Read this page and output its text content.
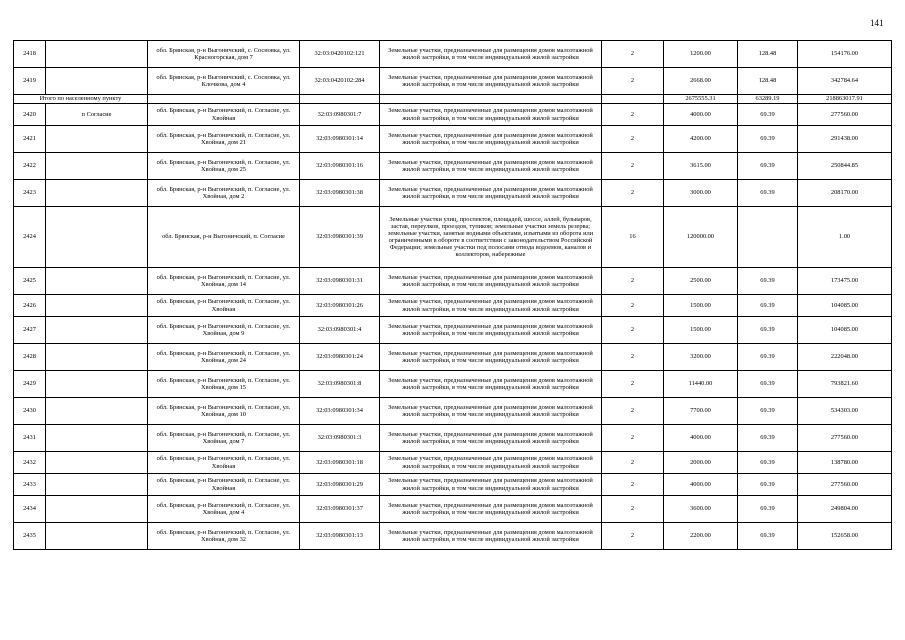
141
2418		обл. Брянская, р-н Выгоничский, с. Сосновка, ул. Красногорская, дом 7	32:03:0420102:121	Земельные участки, предназначенные для размещения домов малоэтажной жилой застройки, в том числе индивидуальной жилой застройки	2	1200.00	128.48	154176.00
2419		обл. Брянская, р-н Выгоничский, с. Сосновка, ул. Клочкова, дом 4	32:03:0420102:284	Земельные участки, предназначенные для размещения домов малоэтажной жилой застройки, в том числе индивидуальной жилой застройки	2	2668.00	128.48	342784.64
Итого по населенному пункту						2675555.31	63289.19	218863017.91
2420	п Согласие	обл. Брянская, р-н Выгоничский, п. Согласие, ул. Хвойная	32:03:0980301:7	Земельные участки, предназначенные для размещения домов малоэтажной жилой застройки, в том числе индивидуальной жилой застройки	2	4000.00	69.39	277560.00
2421		обл. Брянская, р-н Выгоничский, п. Согласие, ул. Хвойная, дом 21	32:03:0980301:14	Земельные участки, предназначенные для размещения домов малоэтажной жилой застройки, в том числе индивидуальной жилой застройки	2	4200.00	69.39	291438.00
2422		обл. Брянская, р-н Выгоничский, п. Согласие, ул. Хвойная, дом 25	32:03:0980301:16	Земельные участки, предназначенные для размещения домов малоэтажной жилой застройки, в том числе индивидуальной жилой застройки	2	3615.00	69.39	250844.85
2423		обл. Брянская, р-н Выгоничский, п. Согласие, ул. Хвойная, дом 2	32:03:0980301:38	Земельные участки, предназначенные для размещения домов малоэтажной жилой застройки, в том числе индивидуальной жилой застройки	2	3000.00	69.39	208170.00
2424		обл. Брянская, р-н Выгоничский, п. Согласие	32:03:0980301:39	Земельные участки улиц, проспектов, площадей, шоссе, аллей, бульваров, застав, переулков, проездов, тупиков; земельные участки земель резерва; земельные участки, занятые водными объектами, изъятыми из оборота или ограниченными в обороте в соответствии с законодательством Российской Федерации; земельные участки под полосами отвода водоемов, каналов и коллекторов, набережные	16	120000.00		1.00
2425		обл. Брянская, р-н Выгоничский, п. Согласие, ул. Хвойная, дом 14	32:03:0980301:31	Земельные участки, предназначенные для размещения домов малоэтажной жилой застройки, в том числе индивидуальной жилой застройки	2	2500.00	69.39	173475.00
2426		обл. Брянская, р-н Выгоничский, п. Согласие, ул. Хвойная	32:03:0980301:26	Земельные участки, предназначенные для размещения домов малоэтажной жилой застройки, в том числе индивидуальной жилой застройки	2	1500.00	69.39	104085.00
2427		обл. Брянская, р-н Выгоничский, п. Согласие, ул. Хвойная, дом 9	32:03:0980301:4	Земельные участки, предназначенные для размещения домов малоэтажной жилой застройки, в том числе индивидуальной жилой застройки	2	1500.00	69.39	104085.00
2428		обл. Брянская, р-н Выгоничский, п. Согласие, ул. Хвойная, дом 24	32:03:0980301:24	Земельные участки, предназначенные для размещения домов малоэтажной жилой застройки, в том числе индивидуальной жилой застройки	2	3200.00	69.39	222048.00
2429		обл. Брянская, р-н Выгоничский, п. Согласие, ул. Хвойная, дом 15	32:03:0980301:8	Земельные участки, предназначенные для размещения домов малоэтажной жилой застройки, в том числе индивидуальной жилой застройки	2	11440.00	69.39	793821.60
2430		обл. Брянская, р-н Выгоничский, п. Согласие, ул. Хвойная, дом 10	32:03:0980301:34	Земельные участки, предназначенные для размещения домов малоэтажной жилой застройки, в том числе индивидуальной жилой застройки	2	7700.00	69.39	534303.00
2431		обл. Брянская, р-н Выгоничский, п. Согласие, ул. Хвойная, дом 7	32:03:0980301:3	Земельные участки, предназначенные для размещения домов малоэтажной жилой застройки, в том числе индивидуальной жилой застройки	2	4000.00	69.39	277560.00
2432		обл. Брянская, р-н Выгоничский, п. Согласие, ул. Хвойная	32:03:0980301:18	Земельные участки, предназначенные для размещения домов малоэтажной жилой застройки, в том числе индивидуальной жилой застройки	2	2000.00	69.39	138780.00
2433		обл. Брянская, р-н Выгоничский, п. Согласие, ул. Хвойная	32:03:0980301:29	Земельные участки, предназначенные для размещения домов малоэтажной жилой застройки, в том числе индивидуальной жилой застройки	2	4000.00	69.39	277560.00
2434		обл. Брянская, р-н Выгоничский, п. Согласие, ул. Хвойная, дом 4	32:03:0980301:37	Земельные участки, предназначенные для размещения домов малоэтажной жилой застройки, в том числе индивидуальной жилой застройки	2	3600.00	69.39	249804.00
2435		обл. Брянская, р-н Выгоничский, п. Согласие, ул. Хвойная, дом 32	32:03:0980301:13	Земельные участки, предназначенные для размещения домов малоэтажной жилой застройки, в том числе индивидуальной жилой застройки	2	2200.00	69.39	152658.00
